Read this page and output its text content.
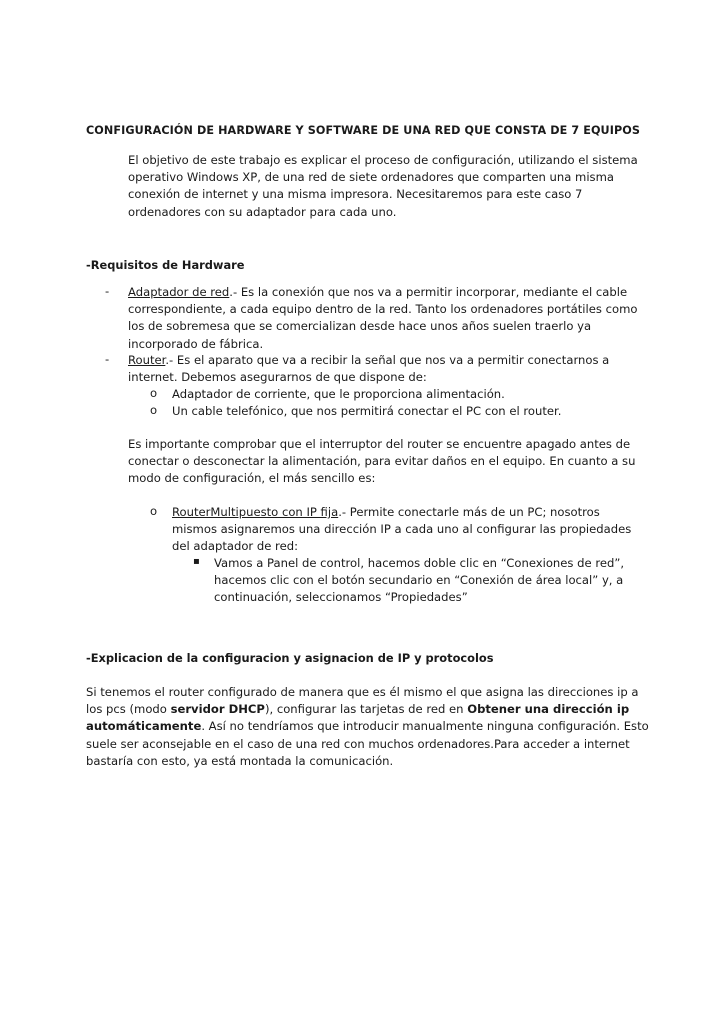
CONFIGURACIÓN DE HARDWARE Y SOFTWARE DE UNA RED QUE CONSTA DE 7 EQUIPOS
El objetivo de este trabajo es explicar el proceso de configuración, utilizando el sistema operativo Windows XP, de una red de siete ordenadores que comparten una misma conexión de internet y una misma impresora. Necesitaremos para este caso 7 ordenadores con su adaptador para cada uno.
-Requisitos de Hardware
- Adaptador de red.- Es la conexión que nos va a permitir incorporar, mediante el cable correspondiente, a cada equipo dentro de la red. Tanto los ordenadores portátiles como los de sobremesa que se comercializan desde hace unos años suelen traerlo ya incorporado de fábrica.
- Router.- Es el aparato que va a recibir la señal que nos va a permitir conectarnos a internet. Debemos asegurarnos de que dispone de:
o Adaptador de corriente, que le proporciona alimentación.
o Un cable telefónico, que nos permitirá conectar el PC con el router.
Es importante comprobar que el interruptor del router se encuentre apagado antes de conectar o desconectar la alimentación, para evitar daños en el equipo. En cuanto a su modo de configuración, el más sencillo es:
o RouterMultipuesto con IP fija.- Permite conectarle más de un PC; nosotros mismos asignaremos una dirección IP a cada uno al configurar las propiedades del adaptador de red:
▪ Vamos a Panel de control, hacemos doble clic en “Conexiones de red”, hacemos clic con el botón secundario en “Conexión de área local” y, a continuación, seleccionamos “Propiedades”
-Explicacion de la configuracion y asignacion de IP y protocolos
Si tenemos el router configurado de manera que es él mismo el que asigna las direcciones ip a los pcs (modo servidor DHCP), configurar las tarjetas de red en Obtener una dirección ip automáticamente. Así no tendríamos que introducir manualmente ninguna configuración. Esto suele ser aconsejable en el caso de una red con muchos ordenadores.Para acceder a internet bastaría con esto, ya está montada la comunicación.
